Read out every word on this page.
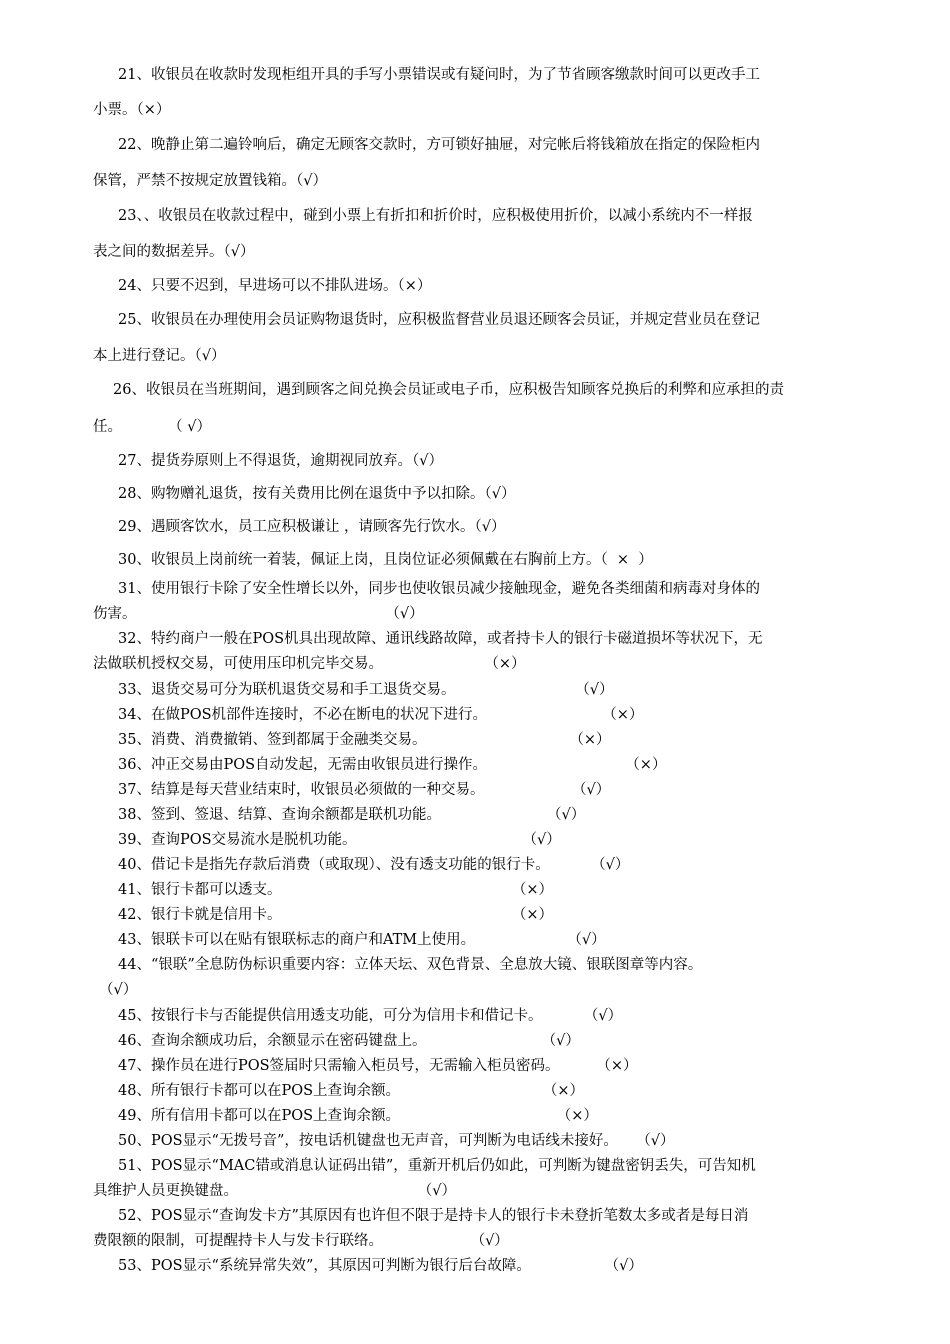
21、收银员在收款时发现柜组开具的手写小票错误或有疑问时，为了节省顾客缴款时间可以更改手工
小票。（×）
22、晚静止第二遍铃响后，确定无顾客交款时，方可锁好抽屉，对完帐后将钱箱放在指定的保险柜内
保管，严禁不按规定放置钱箱。（√）
23、、收银员在收款过程中，碰到小票上有折扣和折价时，应积极使用折价，以减小系统内不一样报
表之间的数据差异。（√）
24、只要不迟到，早进场可以不排队进场。（×）
25、收银员在办理使用会员证购物退货时，应积极监督营业员退还顾客会员证，并规定营业员在登记
本上进行登记。（√）
26、收银员在当班期间，遇到顾客之间兑换会员证或电子币，应积极告知顾客兑换后的利弊和应承担的责
任。          （ √）
27、提货券原则上不得退货，逾期视同放弃。（√）
28、购物赠礼退货，按有关费用比例在退货中予以扣除。（√）
29、遇顾客饮水，员工应积极谦让 ，请顾客先行饮水。（√）
30、收银员上岗前统一着装，佩证上岗，且岗位证必须佩戴在右胸前上方。（  ×  ）
31、使用银行卡除了安全性增长以外，同步也使收银员减少接触现金，避免各类细菌和病毒对身体的
伤害。                                                      （√）
32、特约商户一般在POS机具出现故障、通讯线路故障，或者持卡人的银行卡磁道损坏等状况下，无
法做联机授权交易，可使用压印机完毕交易。                      （×）
33、退货交易可分为联机退货交易和手工退货交易。                          （√）
34、在做POS机部件连接时，不必在断电的状况下进行。                         （×）
35、消费、消费撤销、签到都属于金融类交易。                               （×）
36、冲正交易由POS自动发起，无需由收银员进行操作。                              （×）
37、结算是每天营业结束时，收银员必须做的一种交易。                   （√）
38、签到、签退、结算、查询余额都是联机功能。                       （√）
39、查询POS交易流水是脱机功能。                                    （√）
40、借记卡是指先存款后消费（或取现）、没有透支功能的银行卡。         （√）
41、银行卡都可以透支。                                                  （×）
42、银行卡就是信用卡。                                                  （×）
43、银联卡可以在贴有银联标志的商户和ATM上使用。                    （√）
44、“银联”全息防伪标识重要内容：立体天坛、双色背景、全息放大镜、银联图章等内容。
（√）
45、按银行卡与否能提供信用透支功能，可分为信用卡和借记卡。         （√）
46、查询余额成功后，余额显示在密码键盘上。                         （√）
47、操作员在进行POS签届时只需输入柜员号，无需输入柜员密码。        （×）
48、所有银行卡都可以在POS上查询余额。                               （×）
49、所有信用卡都可以在POS上查询余额。                                  （×）
50、POS显示“无拨号音”，按电话机键盘也无声音，可判断为电话线未接好。    （√）
51、POS显示“MAC错或消息认证码出错”，重新开机后仍如此，可判断为键盘密钥丢失，可告知机
具维护人员更换键盘。                                       （√）
52、POS显示“查询发卡方”其原因有也许但不限于是持卡人的银行卡未登折笔数太多或者是每日消
费限额的限制，可提醒持卡人与发卡行联络。                   （√）
53、POS显示“系统异常失效”，其原因可判断为银行后台故障。                （√）
